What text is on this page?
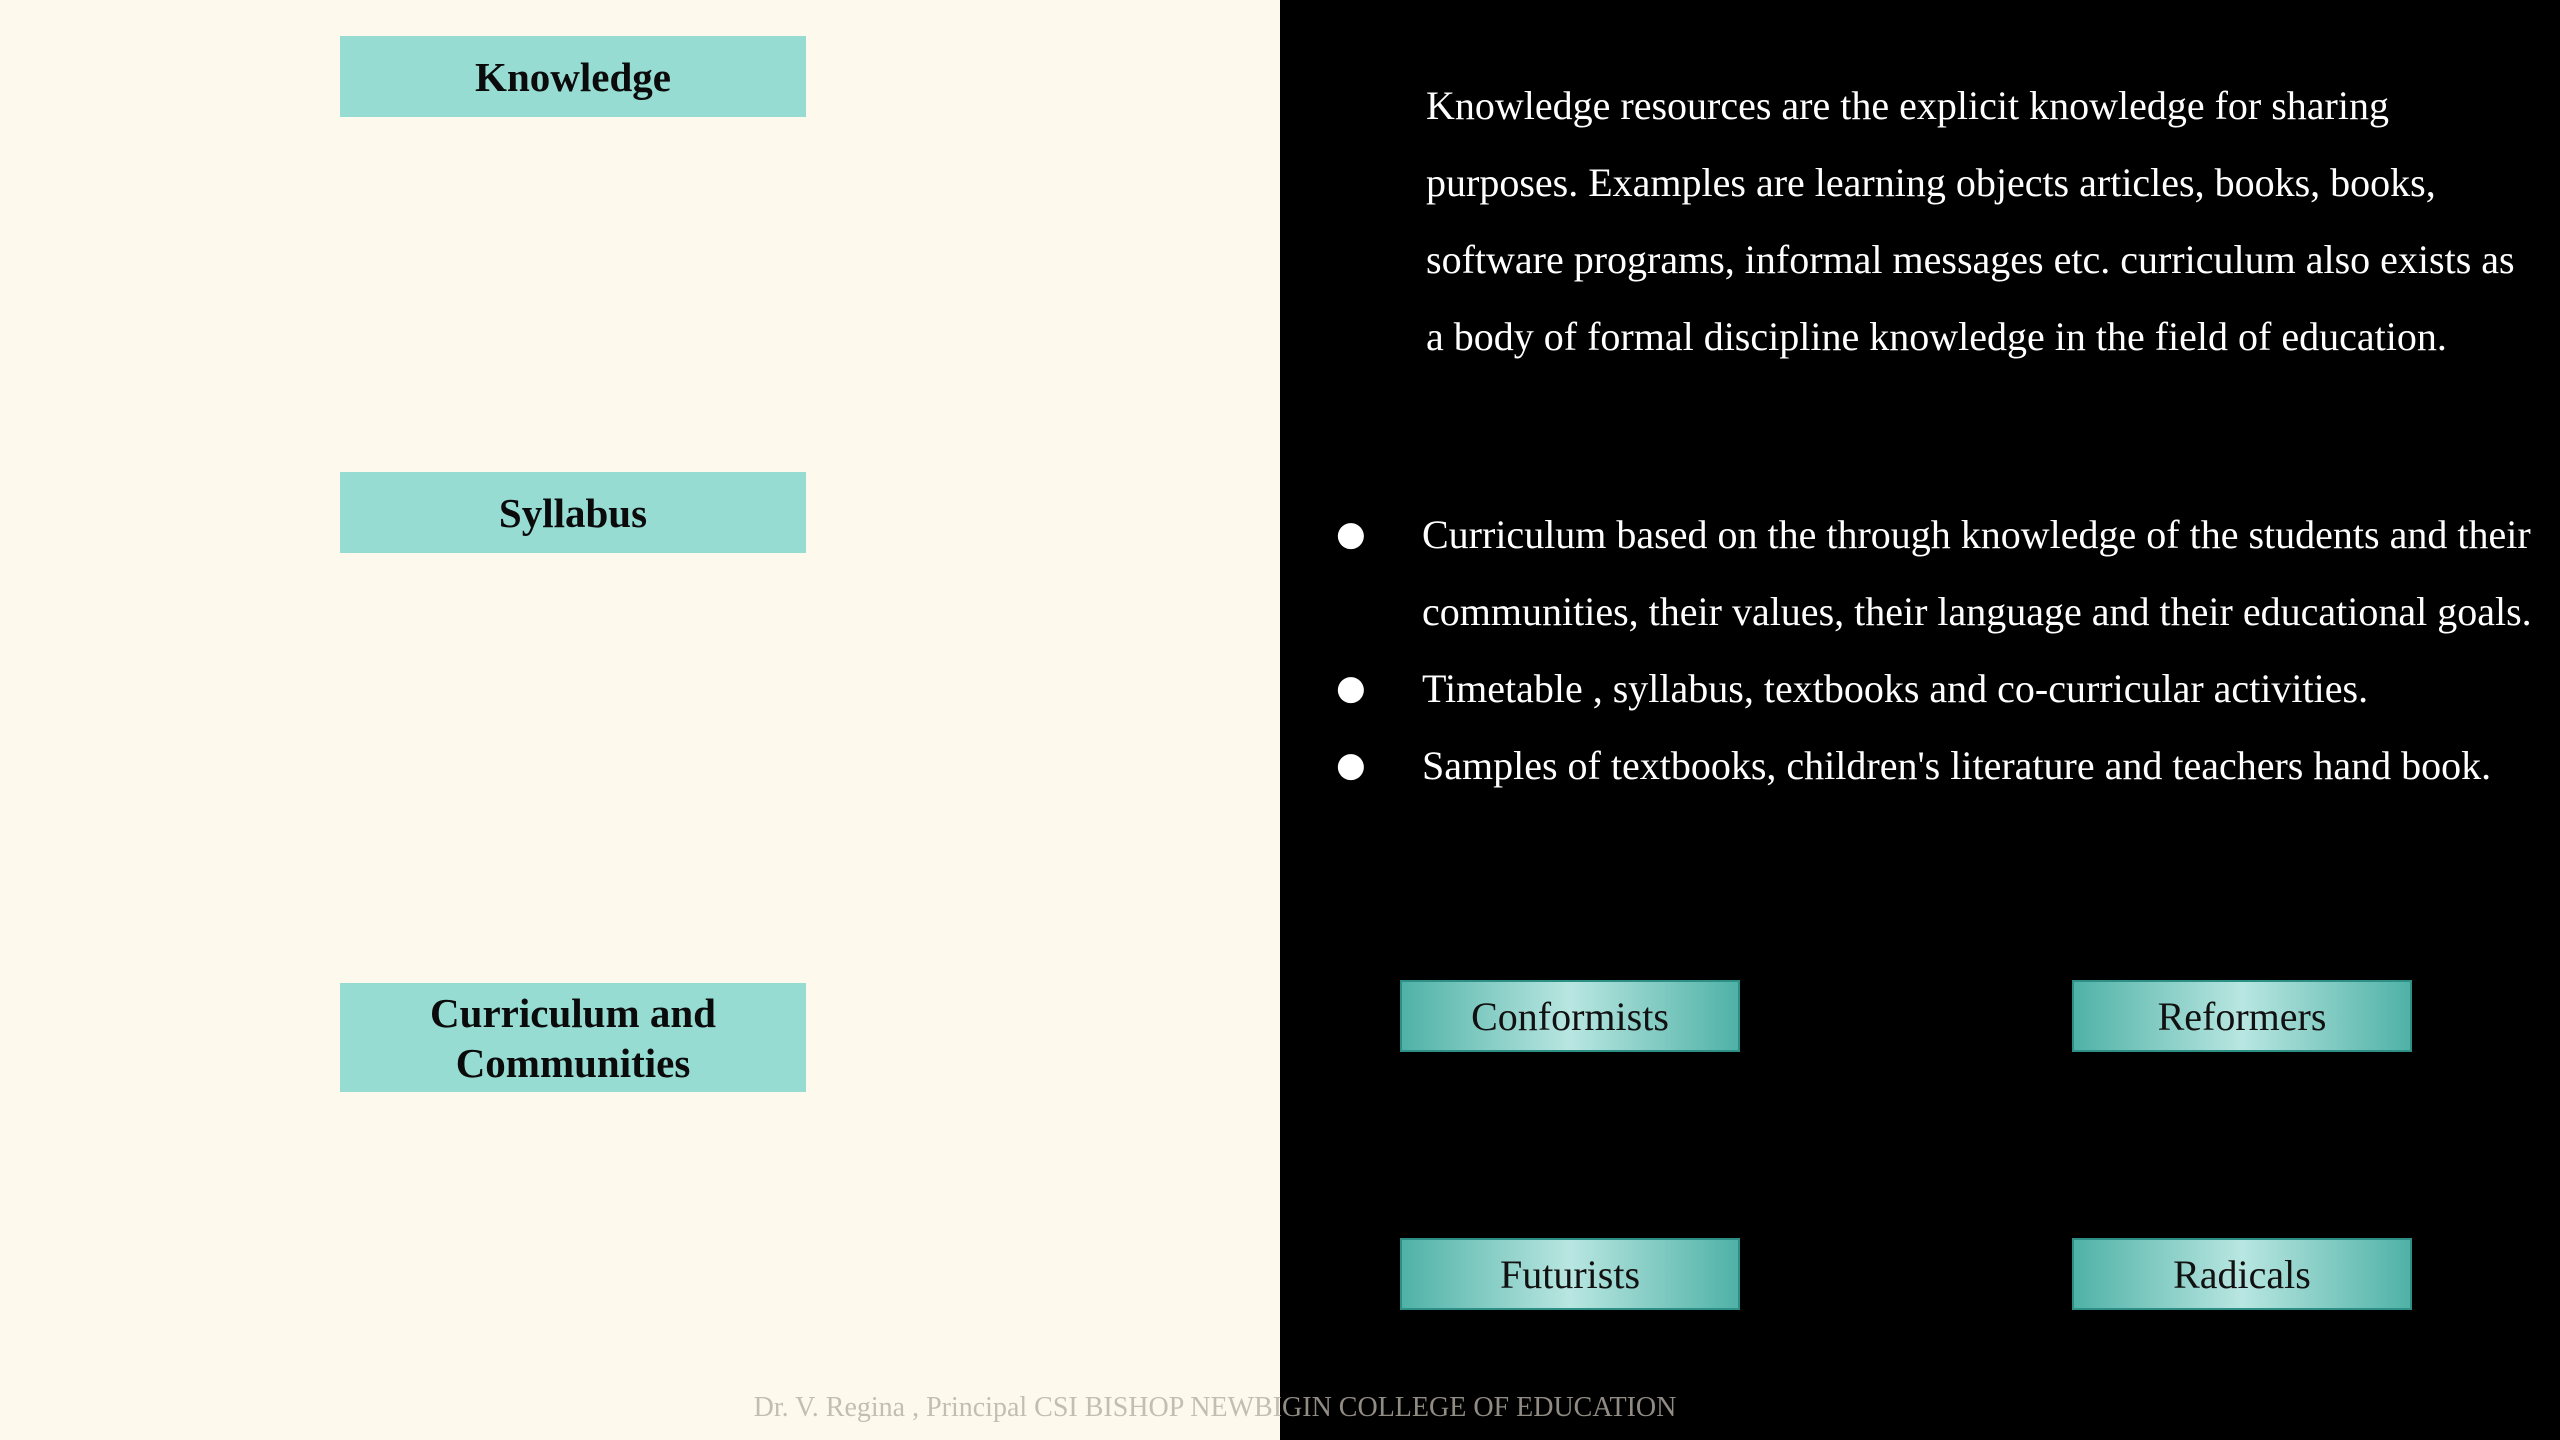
Knowledge
Syllabus
Curriculum and
Communities

Knowledge resources are the explicit knowledge for sharing purposes. Examples are learning objects articles, books, books, software programs, informal messages etc. curriculum also exists as a body of formal discipline knowledge in the field of education.

● Curriculum based on the through knowledge of the students and their communities, their values, their language and their educational goals.
● Timetable , syllabus, textbooks and co-curricular activities.
● Samples of textbooks, children's literature and teachers hand book.
Conformists	Reformers
Futurists	Radicals
Dr. V. Regina , Principal CSI BISHOP NEWBIGIN COLLEGE OF EDUCATION
